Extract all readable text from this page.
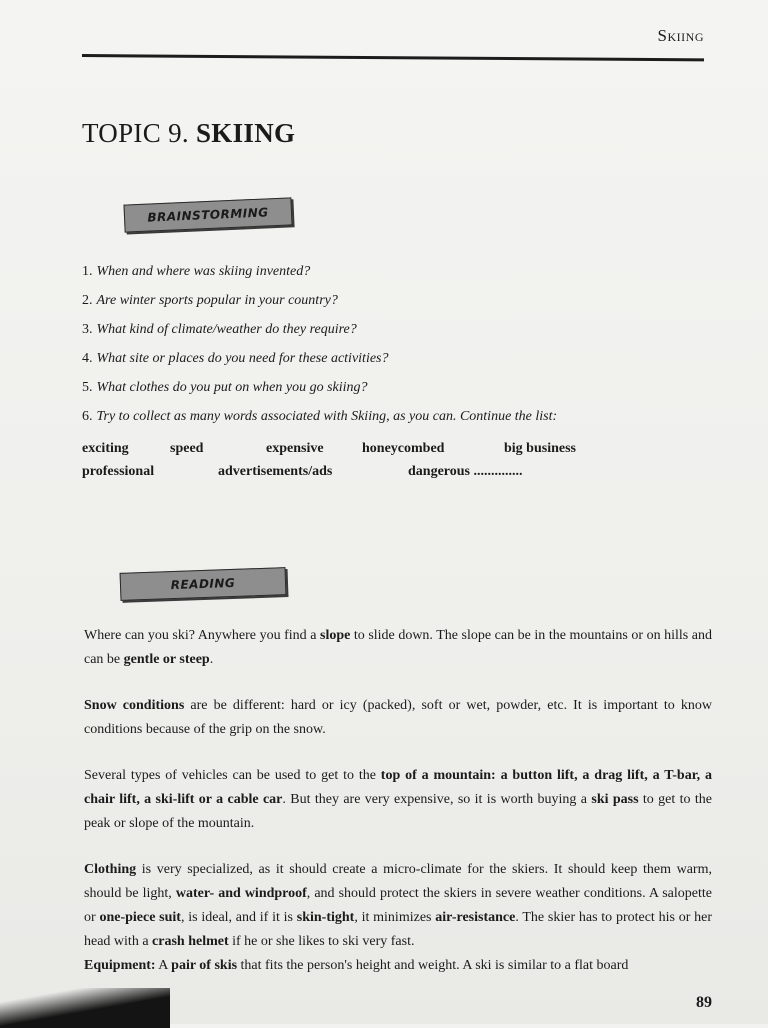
Skiing
TOPIC 9. SKIING
BRAINSTORMING
1. When and where was skiing invented?
2. Are winter sports popular in your country?
3. What kind of climate/weather do they require?
4. What site or places do you need for these activities?
5. What clothes do you put on when you go skiing?
6. Try to collect as many words associated with Skiing, as you can. Continue the list:
exciting	speed	expensive	honeycombed	big business
professional	advertisements/ads	dangerous ..............
READING

Where can you ski? Anywhere you find a slope to slide down. The slope can be in the mountains or on hills and can be gentle or steep.

Snow conditions are be different: hard or icy (packed), soft or wet, powder, etc. It is important to know conditions because of the grip on the snow.

Several types of vehicles can be used to get to the top of a mountain: a button lift, a drag lift, a T-bar, a chair lift, a ski-lift or a cable car. But they are very expensive, so it is worth buying a ski pass to get to the peak or slope of the mountain.

Clothing is very specialized, as it should create a micro-climate for the skiers. It should keep them warm, should be light, water- and windproof, and should protect the skiers in severe weather conditions. A salopette or one-piece suit, is ideal, and if it is skin-tight, it minimizes air-resistance. The skier has to protect his or her head with a crash helmet if he or she likes to ski very fast.

Equipment: A pair of skis that fits the person's height and weight. A ski is similar to a flat board

89
